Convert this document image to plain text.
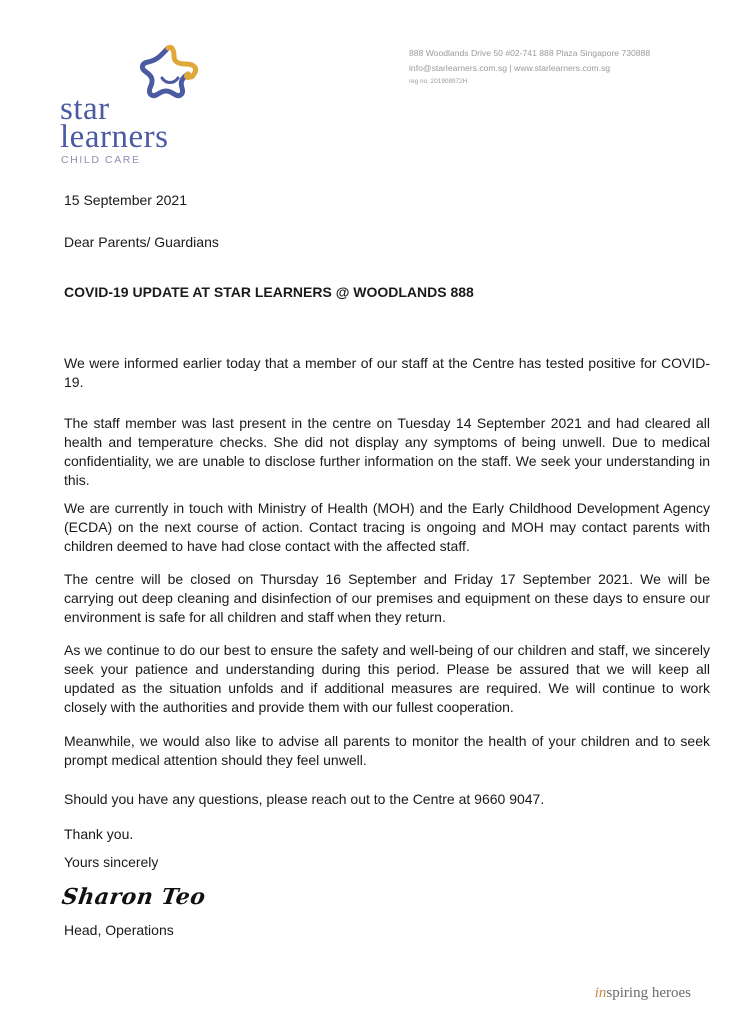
star
learners
CHILD CARE
888 Woodlands Drive 50 #02-741 888 Plaza Singapore 730888
info@starlearners.com.sg | www.starlearners.com.sg
reg no. 201908972H
15 September 2021
Dear Parents/ Guardians
COVID-19 UPDATE AT STAR LEARNERS @ WOODLANDS 888

We were informed earlier today that a member of our staff at the Centre has tested positive for COVID-19.

The staff member was last present in the centre on Tuesday 14 September 2021 and had cleared all health and temperature checks. She did not display any symptoms of being unwell. Due to medical confidentiality, we are unable to disclose further information on the staff. We seek your understanding in this.

We are currently in touch with Ministry of Health (MOH) and the Early Childhood Development Agency (ECDA) on the next course of action. Contact tracing is ongoing and MOH may contact parents with children deemed to have had close contact with the affected staff.

The centre will be closed on Thursday 16 September and Friday 17 September 2021. We will be carrying out deep cleaning and disinfection of our premises and equipment on these days to ensure our environment is safe for all children and staff when they return.

As we continue to do our best to ensure the safety and well-being of our children and staff, we sincerely seek your patience and understanding during this period. Please be assured that we will keep all updated as the situation unfolds and if additional measures are required. We will continue to work closely with the authorities and provide them with our fullest cooperation.

Meanwhile, we would also like to advise all parents to monitor the health of your children and to seek prompt medical attention should they feel unwell.

Should you have any questions, please reach out to the Centre at 9660 9047.

Thank you.

Yours sincerely
Sharon Teo
Head, Operations
inspiring heroes
